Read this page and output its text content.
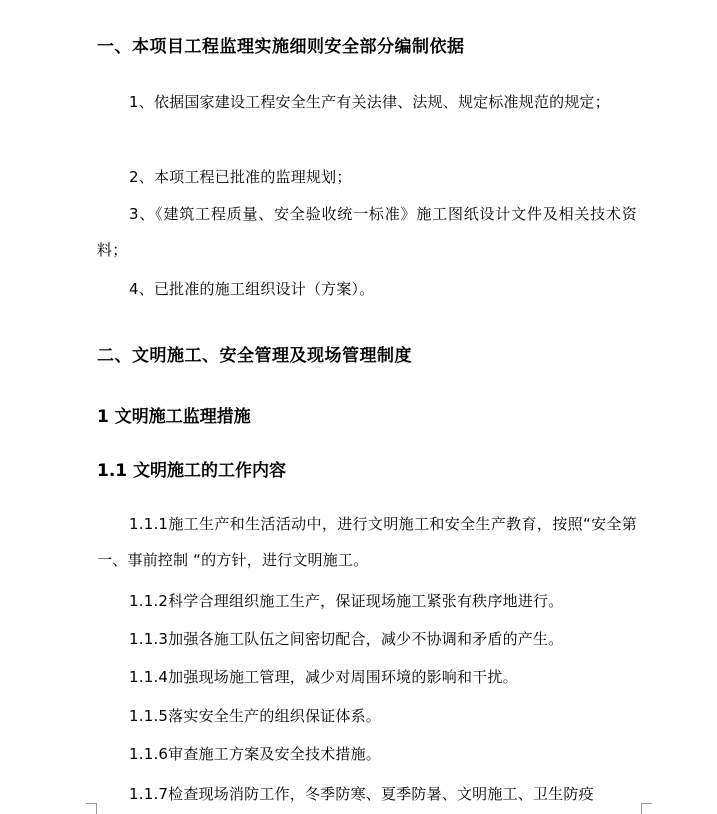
一、本项目工程监理实施细则安全部分编制依据
1、依据国家建设工程安全生产有关法律、法规、规定标准规范的规定；
2、本项工程已批准的监理规划；
3、《建筑工程质量、安全验收统一标准》施工图纸设计文件及相关技术资料；
4、已批准的施工组织设计（方案）。
二、文明施工、安全管理及现场管理制度
1 文明施工监理措施
1.1 文明施工的工作内容
1.1.1施工生产和生活活动中，进行文明施工和安全生产教育，按照“安全第一、事前控制 “的方针，进行文明施工。
1.1.2科学合理组织施工生产，保证现场施工紧张有秩序地进行。
1.1.3加强各施工队伍之间密切配合，减少不协调和矛盾的产生。
1.1.4加强现场施工管理，减少对周围环境的影响和干扰。
1.1.5落实安全生产的组织保证体系。
1.1.6审查施工方案及安全技术措施。
1.1.7检查现场消防工作，冬季防寒、夏季防暑、文明施工、卫生防疫
